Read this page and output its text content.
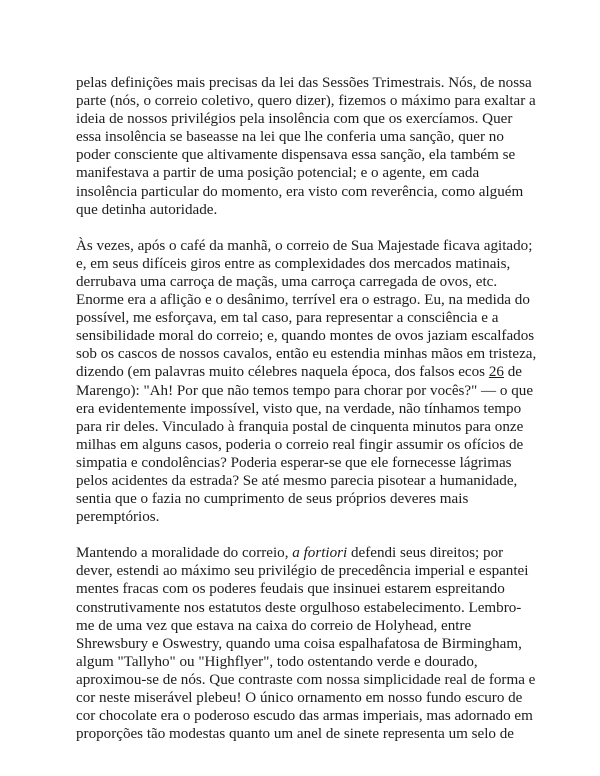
pelas definições mais precisas da lei das Sessões Trimestrais. Nós, de nossa
parte (nós, o correio coletivo, quero dizer), fizemos o máximo para exaltar a
ideia de nossos privilégios pela insolência com que os exercíamos. Quer
essa insolência se baseasse na lei que lhe conferia uma sanção, quer no
poder consciente que altivamente dispensava essa sanção, ela também se
manifestava a partir de uma posição potencial; e o agente, em cada
insolência particular do momento, era visto com reverência, como alguém
que detinha autoridade.

Às vezes, após o café da manhã, o correio de Sua Majestade ficava agitado;
e, em seus difíceis giros entre as complexidades dos mercados matinais,
derrubava uma carroça de maçãs, uma carroça carregada de ovos, etc.
Enorme era a aflição e o desânimo, terrível era o estrago. Eu, na medida do
possível, me esforçava, em tal caso, para representar a consciência e a
sensibilidade moral do correio; e, quando montes de ovos jaziam escalfados
sob os cascos de nossos cavalos, então eu estendia minhas mãos em tristeza,
dizendo (em palavras muito célebres naquela época, dos falsos ecos 26 de
Marengo): "Ah! Por que não temos tempo para chorar por vocês?" — o que
era evidentemente impossível, visto que, na verdade, não tínhamos tempo
para rir deles. Vinculado à franquia postal de cinquenta minutos para onze
milhas em alguns casos, poderia o correio real fingir assumir os ofícios de
simpatia e condolências? Poderia esperar-se que ele fornecesse lágrimas
pelos acidentes da estrada? Se até mesmo parecia pisotear a humanidade,
sentia que o fazia no cumprimento de seus próprios deveres mais
peremptórios.

Mantendo a moralidade do correio, a fortiori defendi seus direitos; por
dever, estendi ao máximo seu privilégio de precedência imperial e espantei
mentes fracas com os poderes feudais que insinuei estarem espreitando
construtivamente nos estatutos deste orgulhoso estabelecimento. Lembro-
me de uma vez que estava na caixa do correio de Holyhead, entre
Shrewsbury e Oswestry, quando uma coisa espalhafatosa de Birmingham,
algum "Tallyho" ou "Highflyer", todo ostentando verde e dourado,
aproximou-se de nós. Que contraste com nossa simplicidade real de forma e
cor neste miserável plebeu! O único ornamento em nosso fundo escuro de
cor chocolate era o poderoso escudo das armas imperiais, mas adornado em
proporções tão modestas quanto um anel de sinete representa um selo de
